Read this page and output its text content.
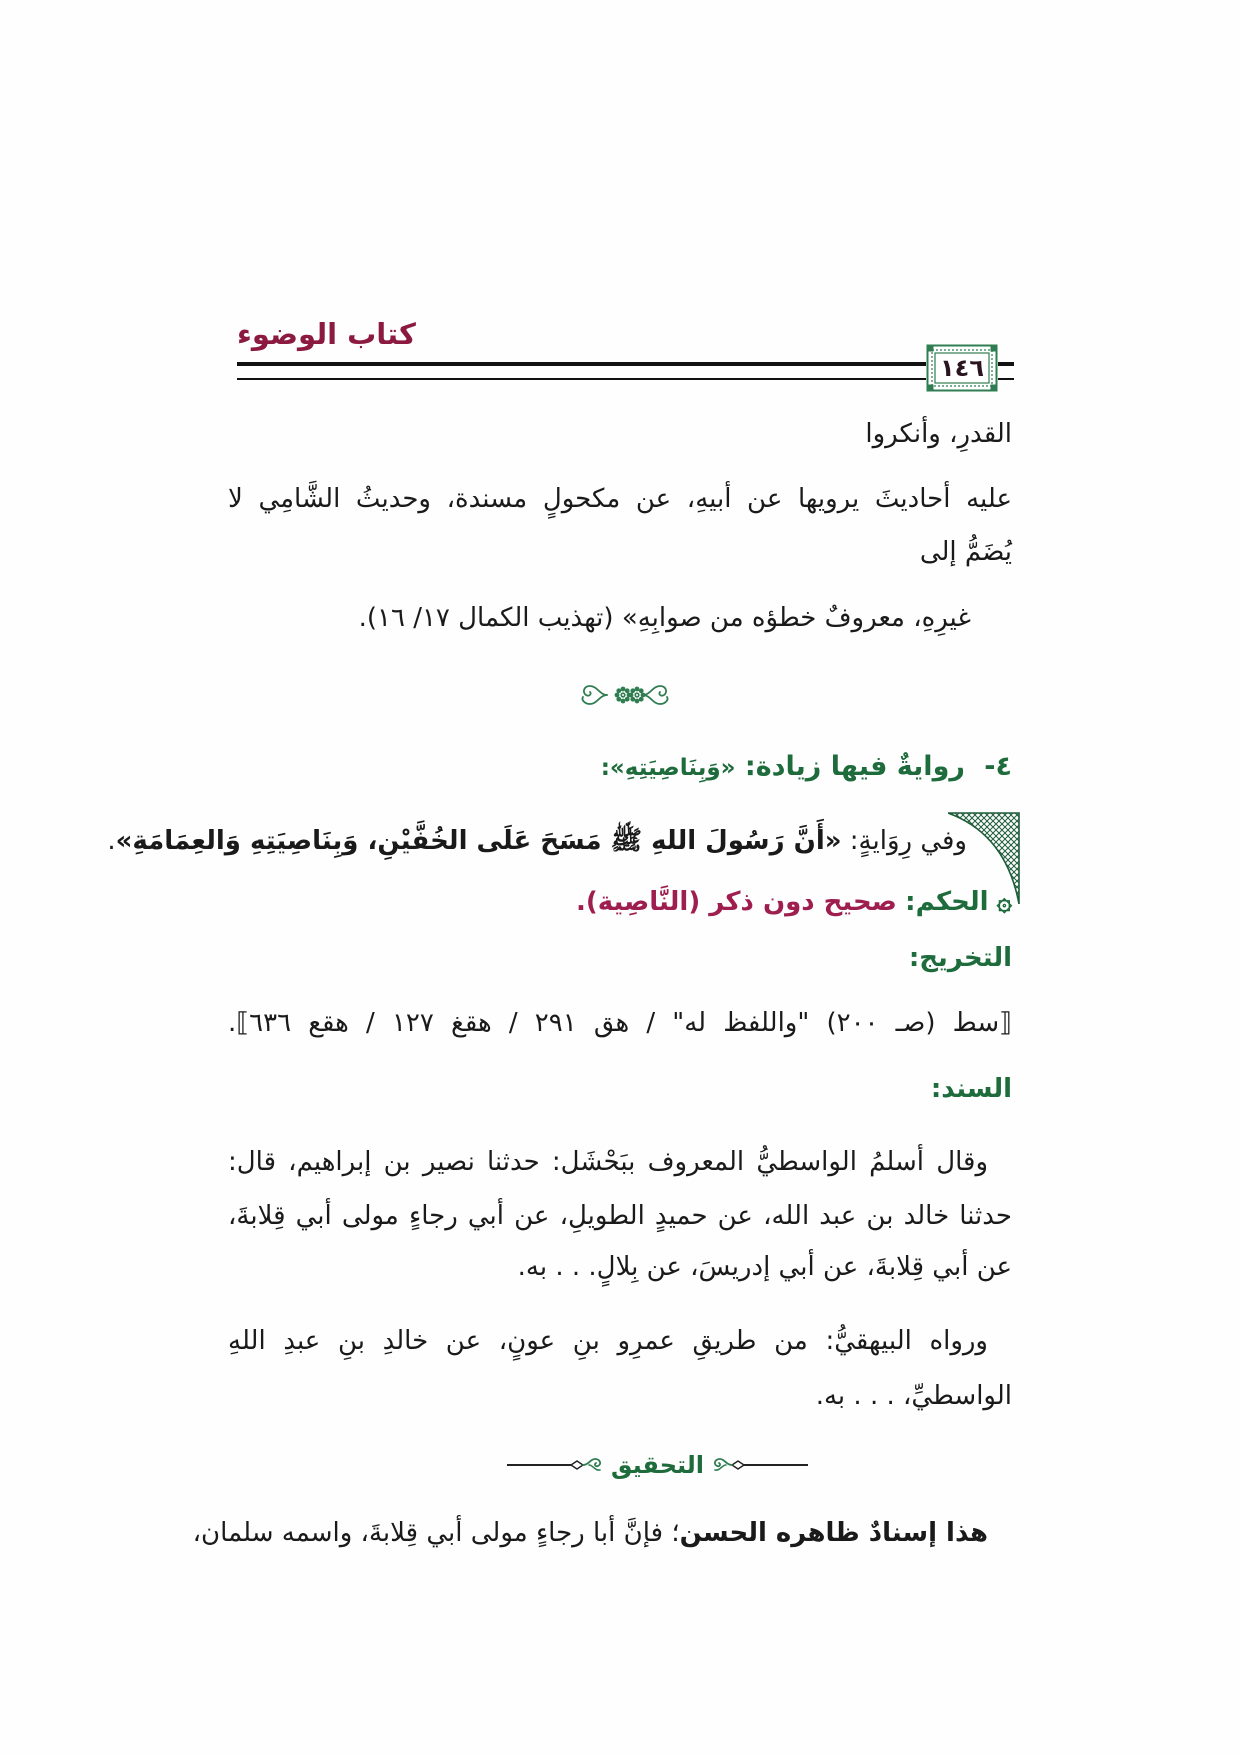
كتاب الوضوء
١٤٦
القدرِ، وأنكروا
عليه أحاديثَ يرويها عن أبيهِ، عن مكحولٍ مسندة، وحديثُ الشَّامِي لا
يُضَمُّ إلى
غيرِهِ، معروفٌ خطؤه من صوابِهِ» (تهذيب الكمال ١٧/ ١٦).
٤- روايةٌ فيها زيادة: «وَبِنَاصِيَتِهِ»:
وفي رِوَايةٍ: «أَنَّ رَسُولَ اللهِ ﷺ مَسَحَ عَلَى الخُفَّيْنِ، وَبِنَاصِيَتِهِ وَالعِمَامَةِ».
۞ الحكم: صحيح دون ذكر (النَّاصِية).
التخريج:
⟦سط (صـ ٢٠٠) "واللفظ له" / هق ٢٩١ / هقغ ١٢٧ / هقع ٦٣٦⟧.
السند:
وقال أسلمُ الواسطيُّ المعروف ببَحْشَل: حدثنا نصير بن إبراهيم، قال:
حدثنا خالد بن عبد الله، عن حميدٍ الطويلِ، عن أبي رجاءٍ مولى أبي قِلابةَ،
عن أبي قِلابةَ، عن أبي إدريسَ، عن بِلالٍ. . . به.
ورواه البيهقيُّ: من طريقِ عمرِو بنِ عونٍ، عن خالدِ بنِ عبدِ اللهِ
الواسطيِّ، . . . به.
التحقيق
هذا إسنادٌ ظاهره الحسن؛ فإنَّ أبا رجاءٍ مولى أبي قِلابةَ، واسمه سلمان،
